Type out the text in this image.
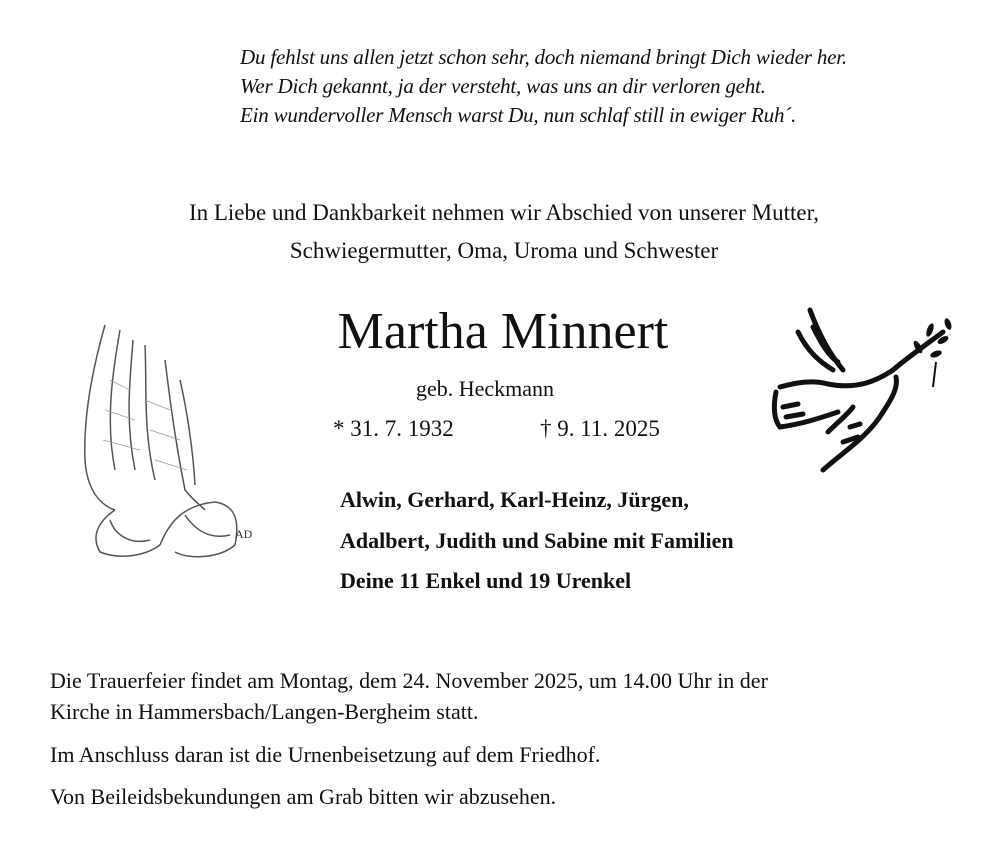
Du fehlst uns allen jetzt schon sehr, doch niemand bringt Dich wieder her.
Wer Dich gekannt, ja der versteht, was uns an dir verloren geht.
Ein wundervoller Mensch warst Du, nun schlaf still in ewiger Ruh´.
In Liebe und Dankbarkeit nehmen wir Abschied von unserer Mutter,
Schwiegermutter, Oma, Uroma und Schwester
Martha Minnert
geb. Heckmann
* 31. 7. 1932	† 9. 11. 2025
Alwin, Gerhard, Karl-Heinz, Jürgen,
Adalbert, Judith und Sabine mit Familien
Deine 11 Enkel und 19 Urenkel
Die Trauerfeier findet am Montag, dem 24. November 2025, um 14.00 Uhr in der
Kirche in Hammersbach/Langen-Bergheim statt.
Im Anschluss daran ist die Urnenbeisetzung auf dem Friedhof.
Von Beileidsbekundungen am Grab bitten wir abzusehen.
AD
